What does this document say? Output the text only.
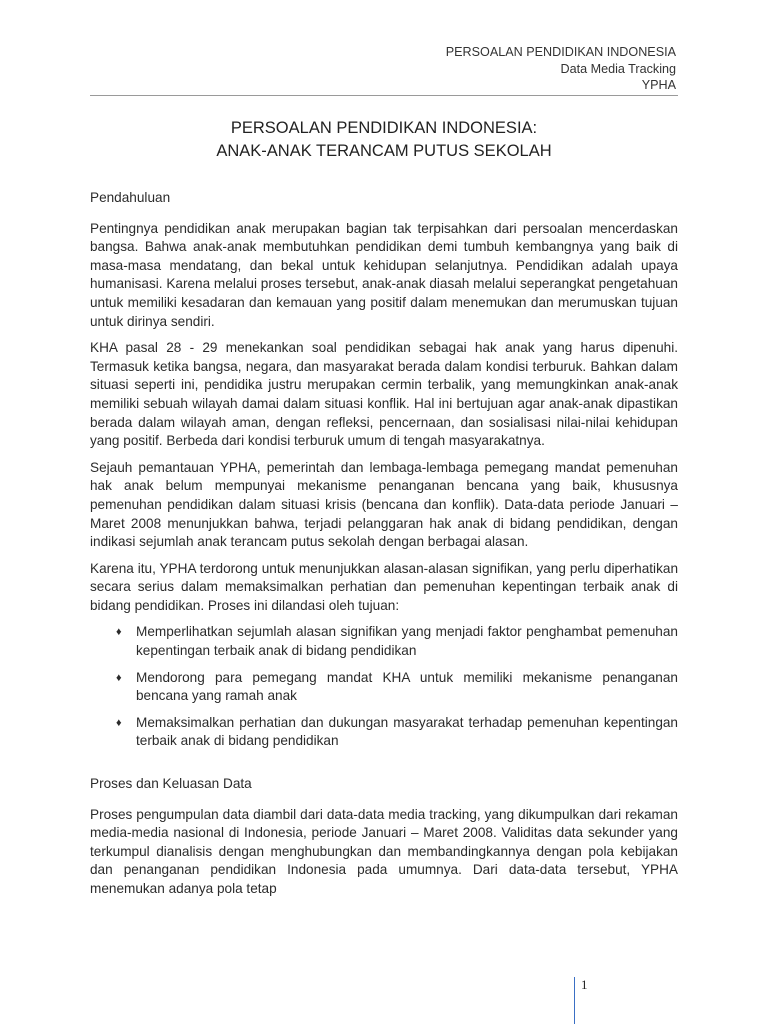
PERSOALAN PENDIDIKAN INDONESIA
Data Media Tracking
YPHA
PERSOALAN PENDIDIKAN INDONESIA:
ANAK-ANAK TERANCAM PUTUS SEKOLAH
Pendahuluan

Pentingnya pendidikan anak merupakan bagian tak terpisahkan dari persoalan mencerdaskan bangsa. Bahwa anak-anak membutuhkan pendidikan demi tumbuh kembangnya yang baik di masa-masa mendatang, dan bekal untuk kehidupan selanjutnya. Pendidikan adalah upaya humanisasi. Karena melalui proses tersebut, anak-anak diasah melalui seperangkat pengetahuan untuk memiliki kesadaran dan kemauan yang positif dalam menemukan dan merumuskan tujuan untuk dirinya sendiri.

KHA pasal 28 - 29 menekankan soal pendidikan sebagai hak anak yang harus dipenuhi. Termasuk ketika bangsa, negara, dan masyarakat berada dalam kondisi terburuk. Bahkan dalam situasi seperti ini, pendidika justru merupakan cermin terbalik, yang memungkinkan anak-anak memiliki sebuah wilayah damai dalam situasi konflik. Hal ini bertujuan agar anak-anak dipastikan berada dalam wilayah aman, dengan refleksi, pencernaan, dan sosialisasi nilai-nilai kehidupan yang positif. Berbeda dari kondisi terburuk umum di tengah masyarakatnya.

Sejauh pemantauan YPHA, pemerintah dan lembaga-lembaga pemegang mandat pemenuhan hak anak belum mempunyai mekanisme penanganan bencana yang baik, khususnya pemenuhan pendidikan dalam situasi krisis (bencana dan konflik). Data-data periode Januari – Maret 2008 menunjukkan bahwa, terjadi pelanggaran hak anak di bidang pendidikan, dengan indikasi sejumlah anak terancam putus sekolah dengan berbagai alasan.

Karena itu, YPHA terdorong untuk menunjukkan alasan-alasan signifikan, yang perlu diperhatikan secara serius dalam memaksimalkan perhatian dan pemenuhan kepentingan terbaik anak di bidang pendidikan. Proses ini dilandasi oleh tujuan:

♦ Memperlihatkan sejumlah alasan signifikan yang menjadi faktor penghambat pemenuhan kepentingan terbaik anak di bidang pendidikan
♦ Mendorong para pemegang mandat KHA untuk memiliki mekanisme penanganan bencana yang ramah anak
♦ Memaksimalkan perhatian dan dukungan masyarakat terhadap pemenuhan kepentingan terbaik anak di bidang pendidikan
Proses dan Keluasan Data

Proses pengumpulan data diambil dari data-data media tracking, yang dikumpulkan dari rekaman media-media nasional di Indonesia, periode Januari – Maret 2008. Validitas data sekunder yang terkumpul dianalisis dengan menghubungkan dan membandingkannya dengan pola kebijakan dan penanganan pendidikan Indonesia pada umumnya. Dari data-data tersebut, YPHA menemukan adanya pola tetap

1
